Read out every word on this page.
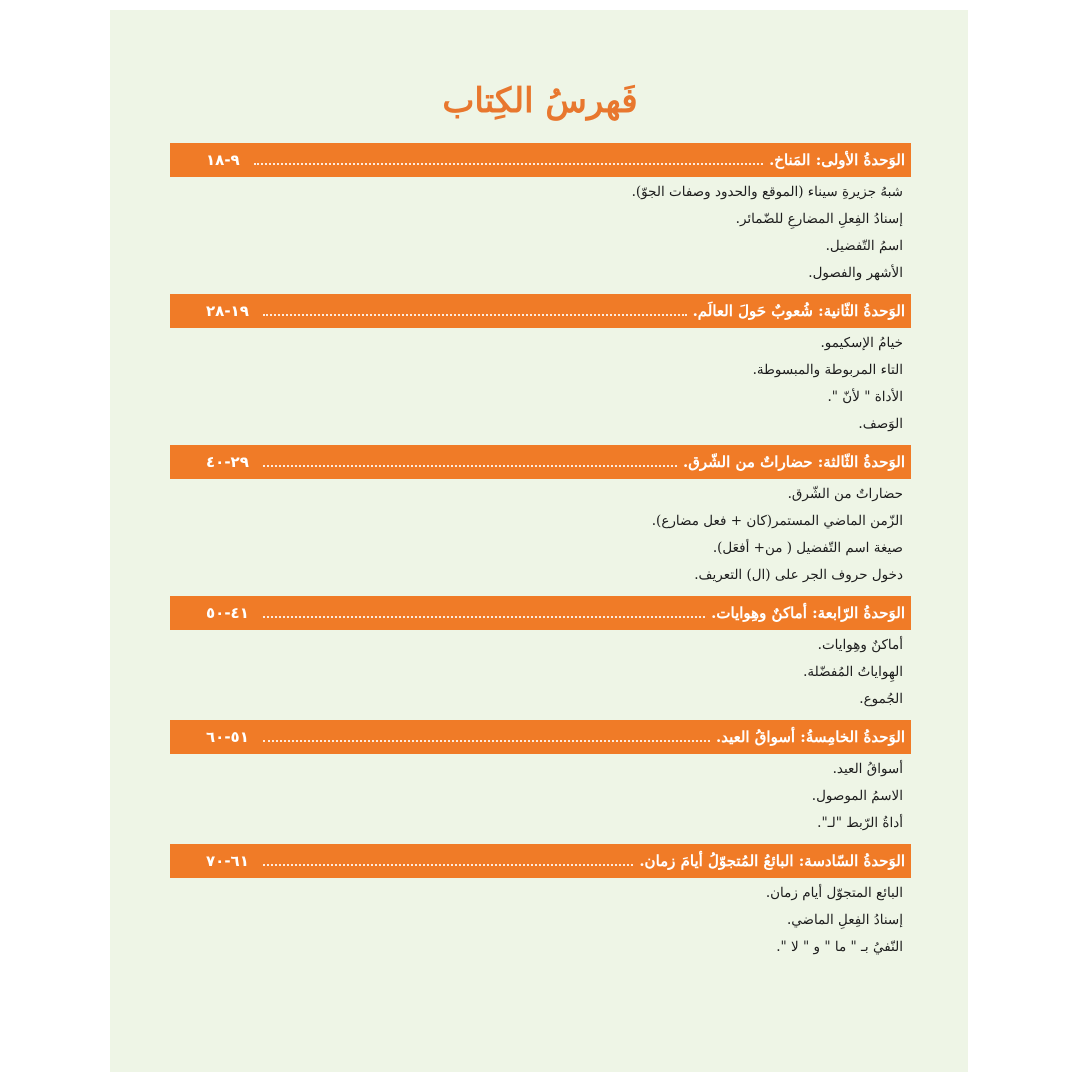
فَهرسُ الكِتاب
الوَحدةُ الأولى: المَناخ.
٩-١٨
شبهُ جزيرةِ سيناء (الموقع والحدود وصفات الجوّ).
إسنادُ الفِعلِ المضارعِ للضّمائر.
اسمُ التّفضيل.
الأشهر والفصول.
الوَحدةُ الثّانية: شُعوبٌ حَولَ العالَم.
١٩-٢٨
خيامُ الإسكيمو.
التاء المربوطة والمبسوطة.
الأداة " لأنّ ".
الوَصف.
الوَحدةُ الثّالثة: حضاراتٌ من الشّرق.
٢٩-٤٠
حضاراتٌ من الشّرق.
الزّمن الماضي المستمر(كان + فعل مضارع).
صيغة اسم التّفضيل ( من+ أفعَل).
دخول حروف الجر على (ال) التعريف.
الوَحدةُ الرّابعة: أماكنٌ وهِوايات.
٤١-٥٠
أماكنٌ وهِوايات.
الهِواياتُ المُفضّلة.
الجُموع.
الوَحدةُ الخامِسةُ: أسواقُ العيد.
٥١-٦٠
أسواقُ العيد.
الاسمُ الموصول.
أداةُ الرّبط "لـ".
الوَحدةُ السّادسة: البائعُ المُتجوّلُ أيامَ زمان.
٦١-٧٠
البائع المتجوّل أيام زمان.
إسنادُ الفِعلِ الماضي.
النّفيُ بـ " ما " و " لا ".
